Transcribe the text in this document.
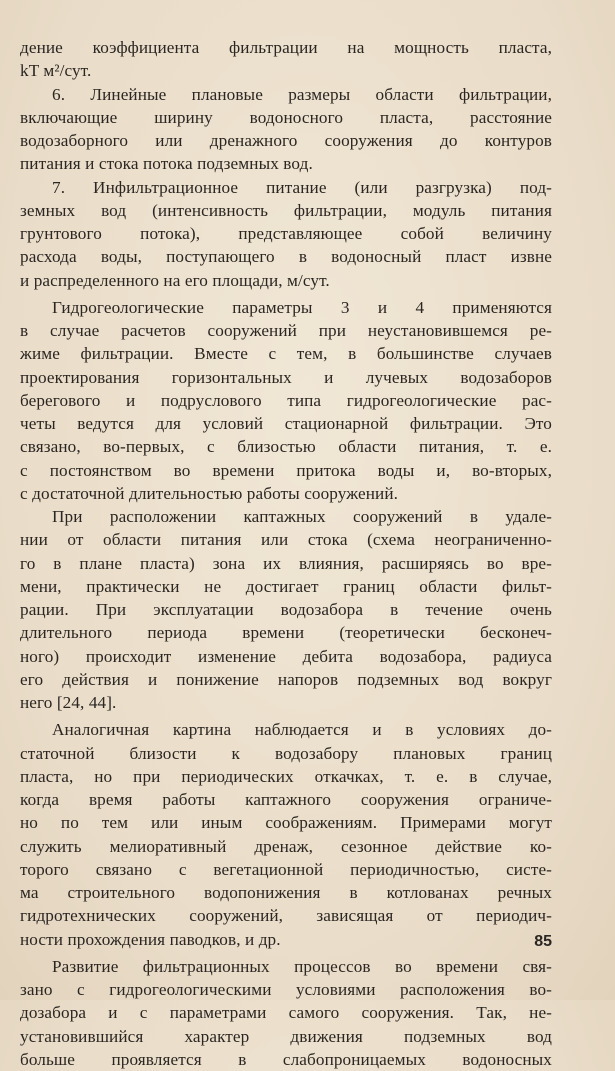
дение коэффициента фильтрации на мощность пласта,
kT м²/сут.
6. Линейные плановые размеры области фильтрации,
включающие ширину водоносного пласта, расстояние
водозаборного или дренажного сооружения до контуров
питания и стока потока подземных вод.
7. Инфильтрационное питание (или разгрузка) под-
земных вод (интенсивность фильтрации, модуль питания
грунтового потока), представляющее собой величину
расхода воды, поступающего в водоносный пласт извне
и распределенного на его площади, м/сут.
Гидрогеологические параметры 3 и 4 применяются
в случае расчетов сооружений при неустановившемся ре-
жиме фильтрации. Вместе с тем, в большинстве случаев
проектирования горизонтальных и лучевых водозаборов
берегового и подруслового типа гидрогеологические рас-
четы ведутся для условий стационарной фильтрации. Это
связано, во-первых, с близостью области питания, т. е.
с постоянством во времени притока воды и, во-вторых,
с достаточной длительностью работы сооружений.
При расположении каптажных сооружений в удале-
нии от области питания или стока (схема неограниченно-
го в плане пласта) зона их влияния, расширяясь во вре-
мени, практически не достигает границ области фильт-
рации. При эксплуатации водозабора в течение очень
длительного периода времени (теоретически бесконеч-
ного) происходит изменение дебита водозабора, радиуса
его действия и понижение напоров подземных вод вокруг
него [24, 44].
Аналогичная картина наблюдается и в условиях до-
статочной близости к водозабору плановых границ
пласта, но при периодических откачках, т. е. в случае,
когда время работы каптажного сооружения ограниче-
но по тем или иным соображениям. Примерами могут
служить мелиоративный дренаж, сезонное действие ко-
торого связано с вегетационной периодичностью, систе-
ма строительного водопонижения в котлованах речных
гидротехнических сооружений, зависящая от периодич-
ности прохождения паводков, и др.
Развитие фильтрационных процессов во времени свя-
зано с гидрогеологическими условиями расположения во-
дозабора и с параметрами самого сооружения. Так, не-
установившийся характер движения подземных вод
больше проявляется в слабопроницаемых водоносных
85
